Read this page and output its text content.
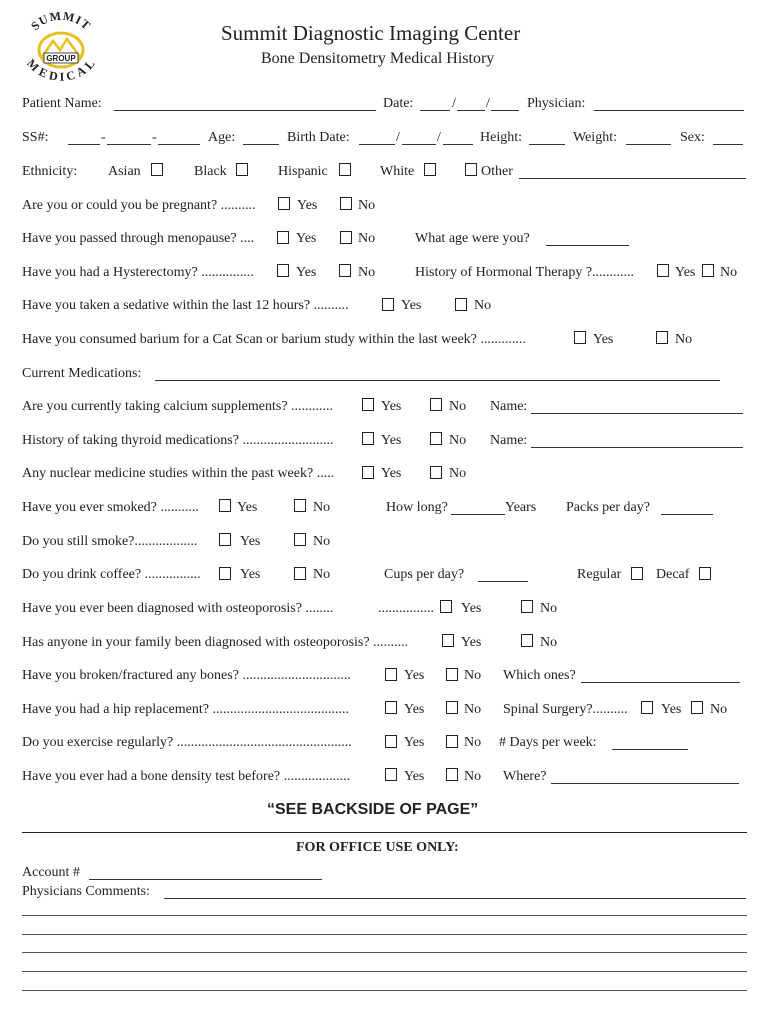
GROUP
SUMMIT
MEDICAL
Summit Diagnostic Imaging Center
Bone Densitometry Medical History
Patient Name:	Date:	/ /	Physician:
SS#:	-	-	Age:	Birth Date:	/	/	Height:	Weight:	Sex:
Ethnicity: Asian	Black	Hispanic	White	Other
Are you or could you be pregnant? ..........	Yes	No
Have you passed through menopause? ....	Yes	No	What age were you?
Have you had a Hysterectomy? ...............	Yes	No	History of Hormonal Therapy ?............	Yes No
Have you taken a sedative within the last 12 hours? ..........	Yes	No
Have you consumed barium for a Cat Scan or barium study within the last week? .............	Yes	No
Current Medications:
Are you currently taking calcium supplements? ............	Yes	No Name:
History of taking thyroid medications? ..........................	Yes	No Name:
Any nuclear medicine studies within the past week? .....	Yes	No
Have you ever smoked? ...........	Yes	No	How long?	Years Packs per day?
Do you still smoke?..................	Yes	No
Do you drink coffee? ................	Yes	No	Cups per day?	Regular Decaf
Have you ever been diagnosed with osteoporosis? ........	................ Yes	No
Has anyone in your family been diagnosed with osteoporosis? ..........	Yes	No
Have you broken/fractured any bones? ...............................	Yes	No Which ones?
Have you had a hip replacement? .......................................	Yes	No Spinal Surgery?.......... Yes No
Do you exercise regularly? ..................................................	Yes	No # Days per week:
Have you ever had a bone density test before? ...................	Yes	No Where?
“SEE BACKSIDE OF PAGE”
FOR OFFICE USE ONLY:
Account #
Physicians Comments:
